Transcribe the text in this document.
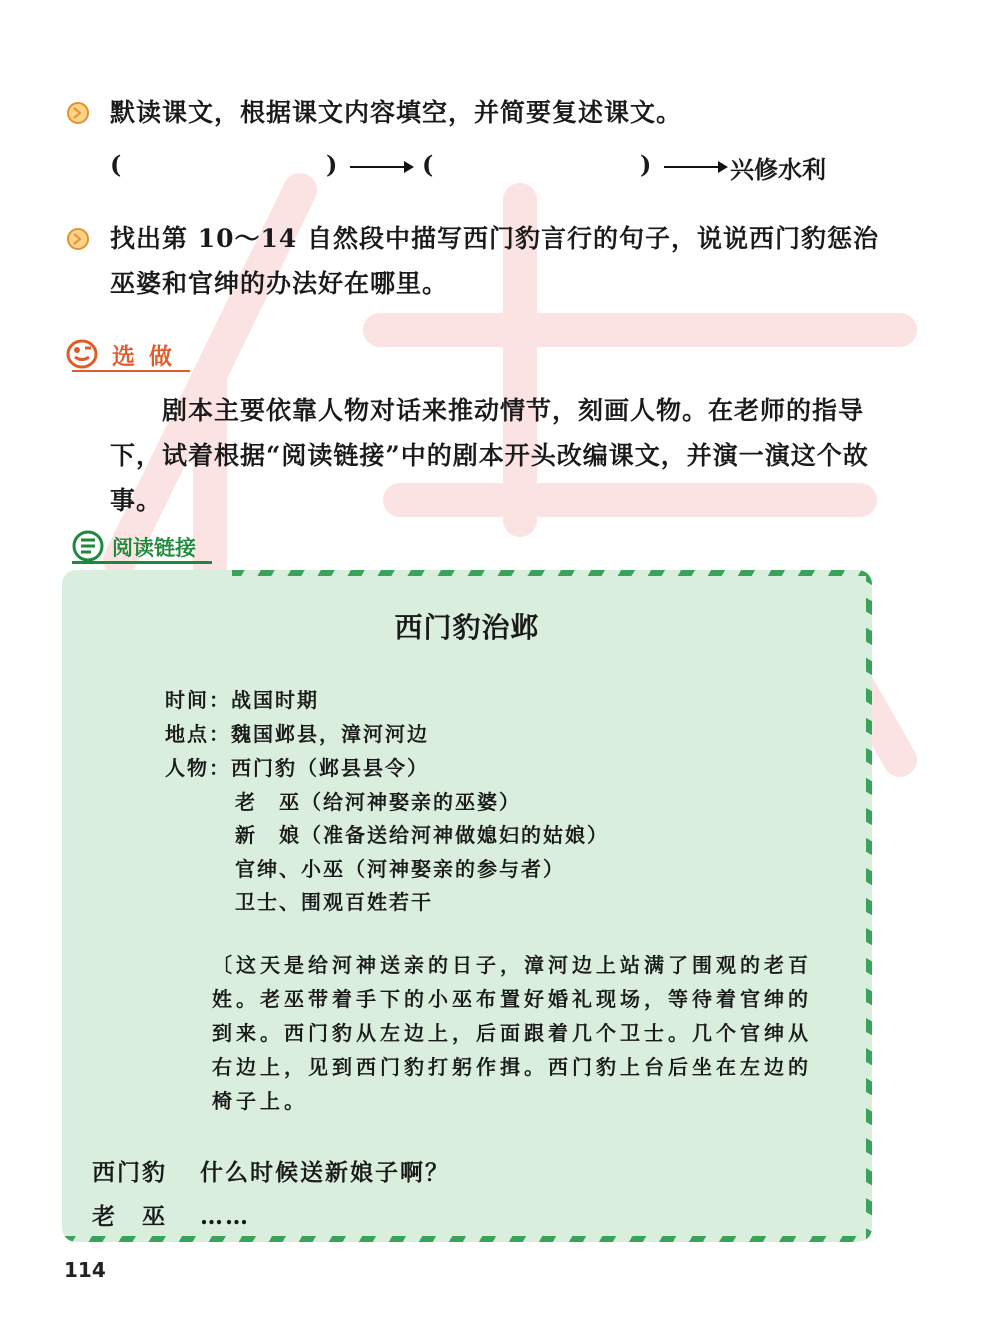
默读课文，根据课文内容填空，并简要复述课文。
(	)	(	)	兴修水利
找出第 10～14 自然段中描写西门豹言行的句子，说说西门豹惩治巫婆和官绅的办法好在哪里。
选做
剧本主要依靠人物对话来推动情节，刻画人物。在老师的指导下，试着根据“阅读链接”中的剧本开头改编课文，并演一演这个故事。
阅读链接
西门豹治邺
时间：战国时期
地点：魏国邺县，漳河河边
人物：西门豹（邺县县令）
老　巫（给河神娶亲的巫婆）
新　娘（准备送给河神做媳妇的姑娘）
官绅、小巫（河神娶亲的参与者）
卫士、围观百姓若干
〔这天是给河神送亲的日子，漳河边上站满了围观的老百姓。老巫带着手下的小巫布置好婚礼现场，等待着官绅的到来。西门豹从左边上，后面跟着几个卫士。几个官绅从右边上，见到西门豹打躬作揖。西门豹上台后坐在左边的椅子上。
西门豹 什么时候送新娘子啊？
老　巫 ……
114
